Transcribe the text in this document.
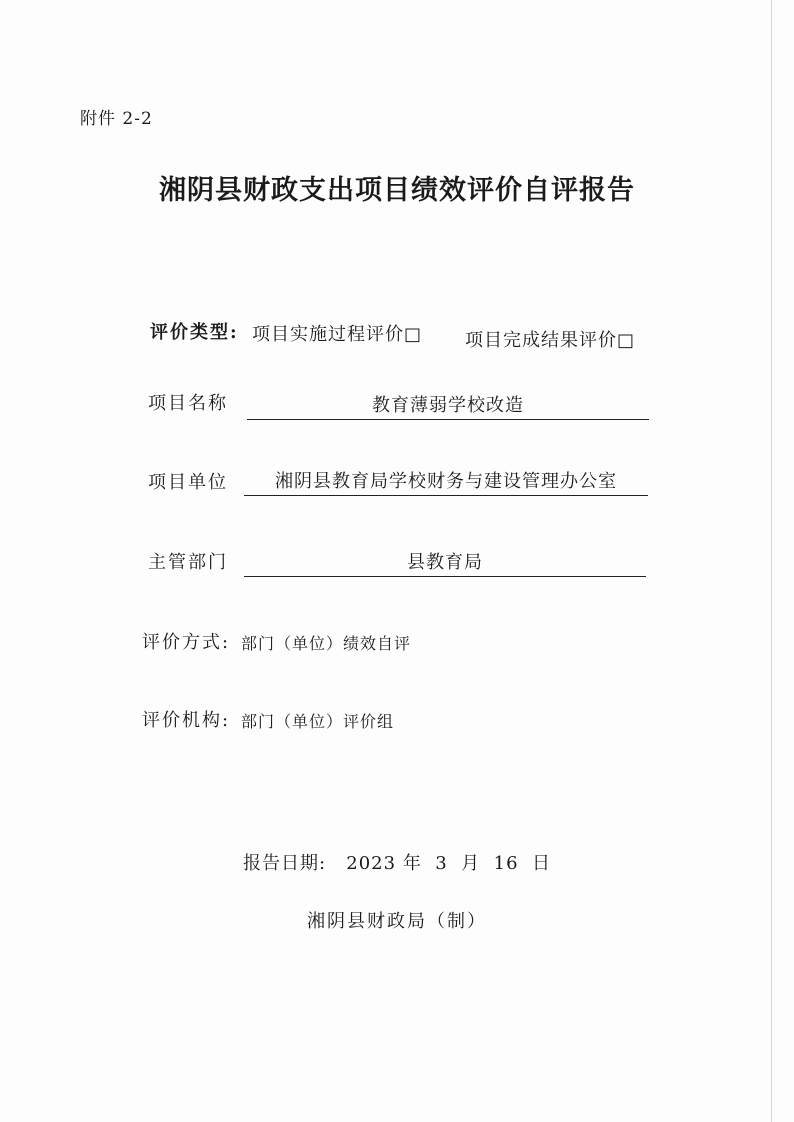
附件 2-2
湘阴县财政支出项目绩效评价自评报告
评价类型: 项目实施过程评价□ 项目完成结果评价□
项目名称	教育薄弱学校改造
项目单位	湘阴县教育局学校财务与建设管理办公室
主管部门	县教育局
评价方式: 部门（单位）绩效自评
评价机构: 部门（单位）评价组
报告日期: 2023 年 3 月 16 日
湘阴县财政局（制）
